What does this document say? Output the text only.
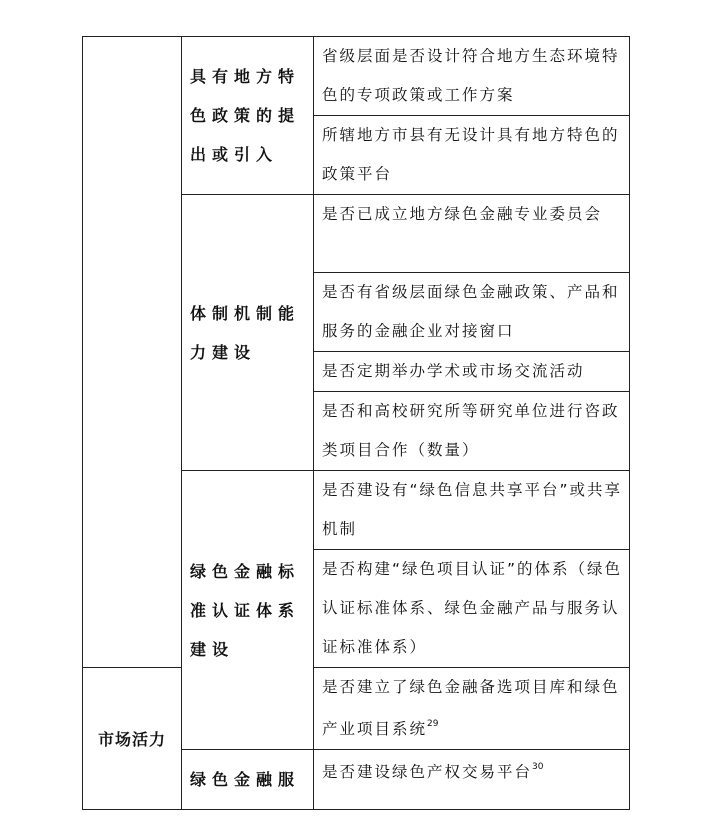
	具有地方特色政策的提出或引入	省级层面是否设计符合地方生态环境特色的专项政策或工作方案
		所辖地方市县有无设计具有地方特色的政策平台
	体制机制能力建设	是否已成立地方绿色金融专业委员会
		是否有省级层面绿色金融政策、产品和服务的金融企业对接窗口
		是否定期举办学术或市场交流活动
		是否和高校研究所等研究单位进行咨政类项目合作（数量）
	绿色金融标准认证体系建设	是否建设有“绿色信息共享平台”或共享机制
		是否构建“绿色项目认证”的体系（绿色认证标准体系、绿色金融产品与服务认证标准体系）
市场活力		是否建立了绿色金融备选项目库和绿色产业项目系统$^{29}$
	绿色金融服	是否建设绿色产权交易平台$^{30}$
